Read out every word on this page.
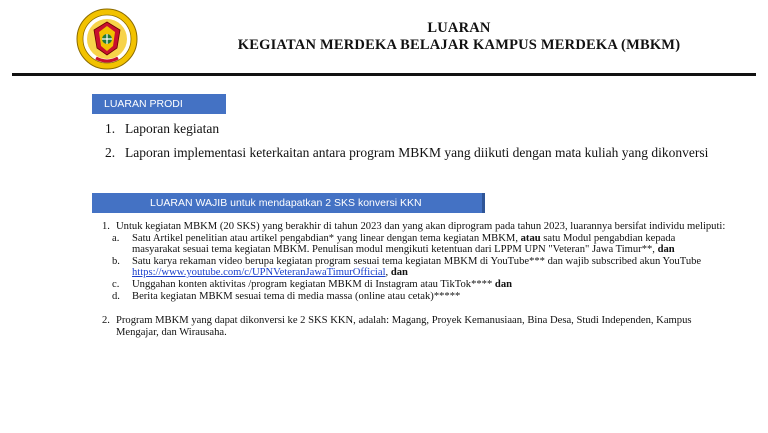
LUARAN
KEGIATAN MERDEKA BELAJAR KAMPUS MERDEKA (MBKM)
LUARAN PRODI
1. Laporan kegiatan
2. Laporan implementasi keterkaitan antara program MBKM yang diikuti dengan mata kuliah yang dikonversi
LUARAN WAJIB untuk mendapatkan 2 SKS konversi KKN
1. Untuk kegiatan MBKM (20 SKS) yang berakhir di tahun 2023 dan yang akan diprogram pada tahun 2023, luarannya bersifat individu meliputi:
a. Satu Artikel penelitian atau artikel pengabdian* yang linear dengan tema kegiatan MBKM, atau satu Modul pengabdian kepada masyarakat sesuai tema kegiatan MBKM. Penulisan modul mengikuti ketentuan dari LPPM UPN "Veteran" Jawa Timur**, dan
b. Satu karya rekaman video berupa kegiatan program sesuai tema kegiatan MBKM di YouTube*** dan wajib subscribed akun YouTube https://www.youtube.com/c/UPNVeteranJawaTimurOfficial, dan
c. Unggahan konten aktivitas /program kegiatan MBKM di Instagram atau TikTok**** dan
d. Berita kegiatan MBKM sesuai tema di media massa (online atau cetak)*****
2. Program MBKM yang dapat dikonversi ke 2 SKS KKN, adalah: Magang, Proyek Kemanusiaan, Bina Desa, Studi Independen, Kampus Mengajar, dan Wirausaha.
